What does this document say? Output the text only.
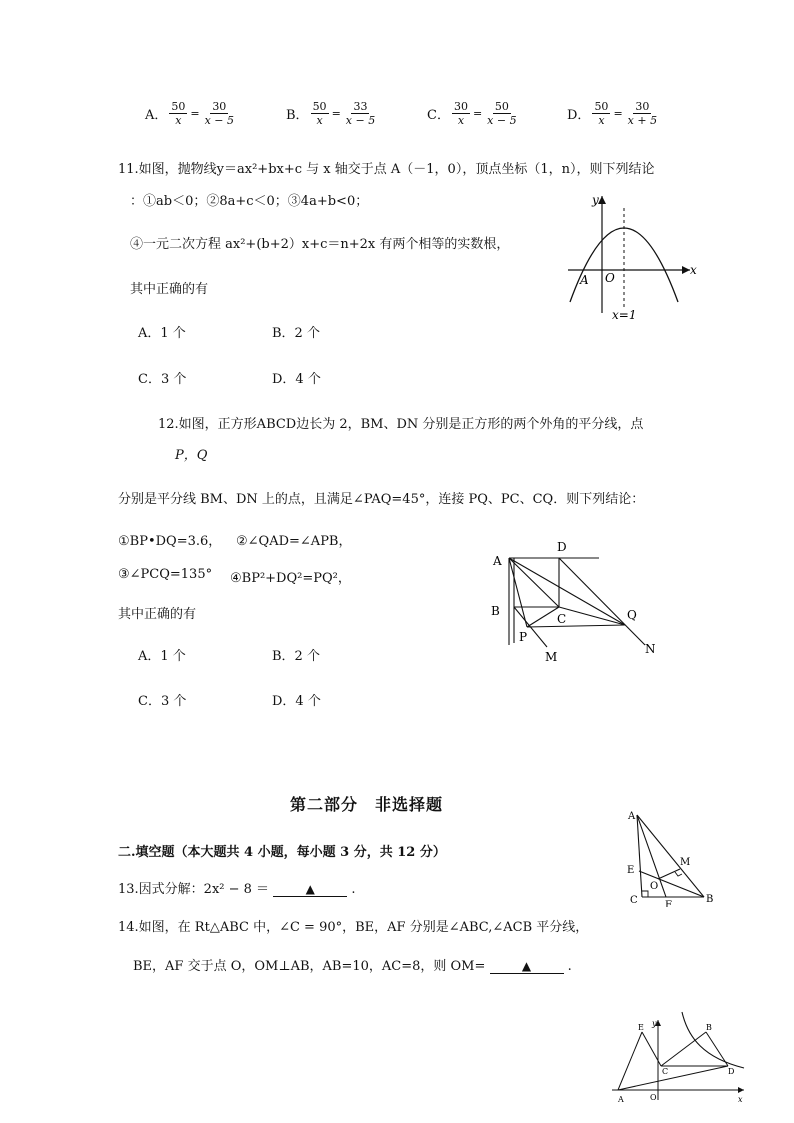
A． $\frac{50}{x} = \frac{30}{x - 5}$	B． $\frac{50}{x} = \frac{33}{x - 5}$	C． $\frac{30}{x} = \frac{50}{x - 5}$	D． $\frac{50}{x} = \frac{30}{x + 5}$
11.如图，抛物线y＝ax²+bx+c 与 x 轴交于点 A（－1，0），顶点坐标（1，n），则下列结论
：①ab＜0；②8a+c＜0；③4a+b<0；
④一元二次方程 ax²+(b+2）x+c＝n+2x 有两个相等的实数根，
其中正确的有
A．1 个	B．2 个
C．3 个	D．4 个
y
x
A O
x=1
12.如图，正方形ABCD边长为 2，BM、DN 分别是正方形的两个外角的平分线，点
P，Q
分别是平分线 BM、DN 上的点，且满足∠PAQ=45°，连接 PQ、PC、CQ．则下列结论：
①BP•DQ=3.6， ②∠QAD=∠APB，
③∠PCQ=135° ④BP²+DQ²=PQ²，
其中正确的有
A．1 个	B．2 个
C．3 个	D．4 个
A
D
B
C
P
Q
M
N
第二部分　非选择题
二.填空题（本大题共 4 小题，每小题 3 分，共 12 分）
13.因式分解：2x² − 8 ＝	▲	.
14.如图，在 Rt△ABC 中，∠C = 90°，BE，AF 分别是∠ABC,∠ACB 平分线，
BE，AF 交于点 O，OM⊥AB，AB=10，AC=8，则 OM=	▲	.
A
E
M
O
C	F
B
E y	B
C	D
A	O	x
